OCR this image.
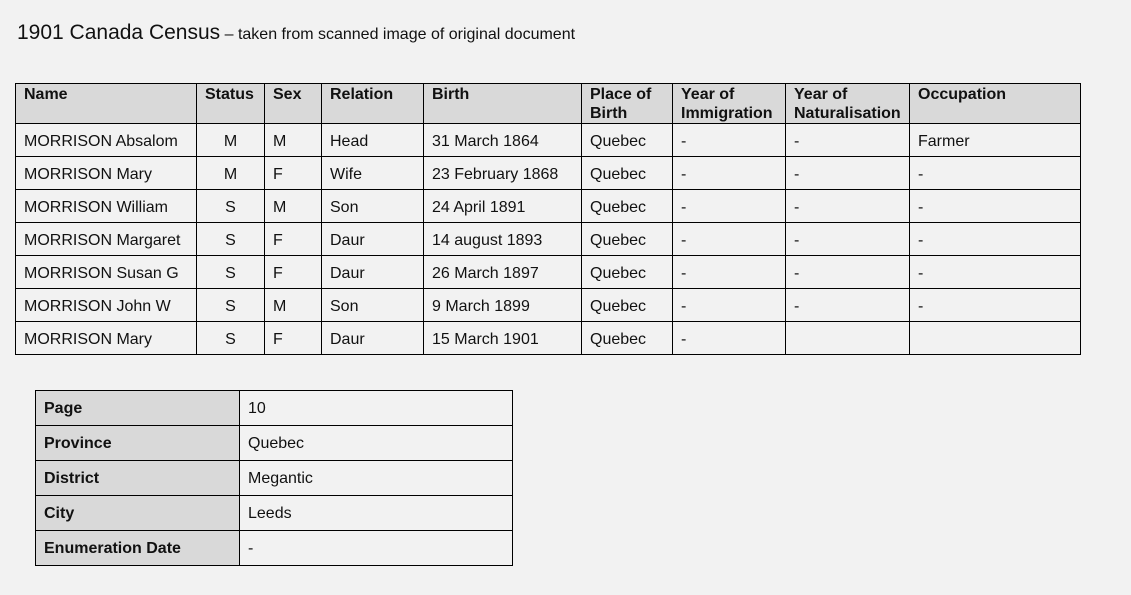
1901 Canada Census – taken from scanned image of original document
Name	Status	Sex	Relation	Birth	Place of Birth	Year of Immigration	Year of Naturalisation	Occupation
MORRISON Absalom	M	M	Head	31 March 1864	Quebec	-	-	Farmer
MORRISON Mary	M	F	Wife	23 February 1868	Quebec	-	-	-
MORRISON William	S	M	Son	24 April 1891	Quebec	-	-	-
MORRISON Margaret	S	F	Daur	14 august 1893	Quebec	-	-	-
MORRISON Susan G	S	F	Daur	26 March 1897	Quebec	-	-	-
MORRISON John W	S	M	Son	9 March 1899	Quebec	-	-	-
MORRISON Mary	S	F	Daur	15 March 1901	Quebec	-		
Page	10
Province	Quebec
District	Megantic
City	Leeds
Enumeration Date	-
